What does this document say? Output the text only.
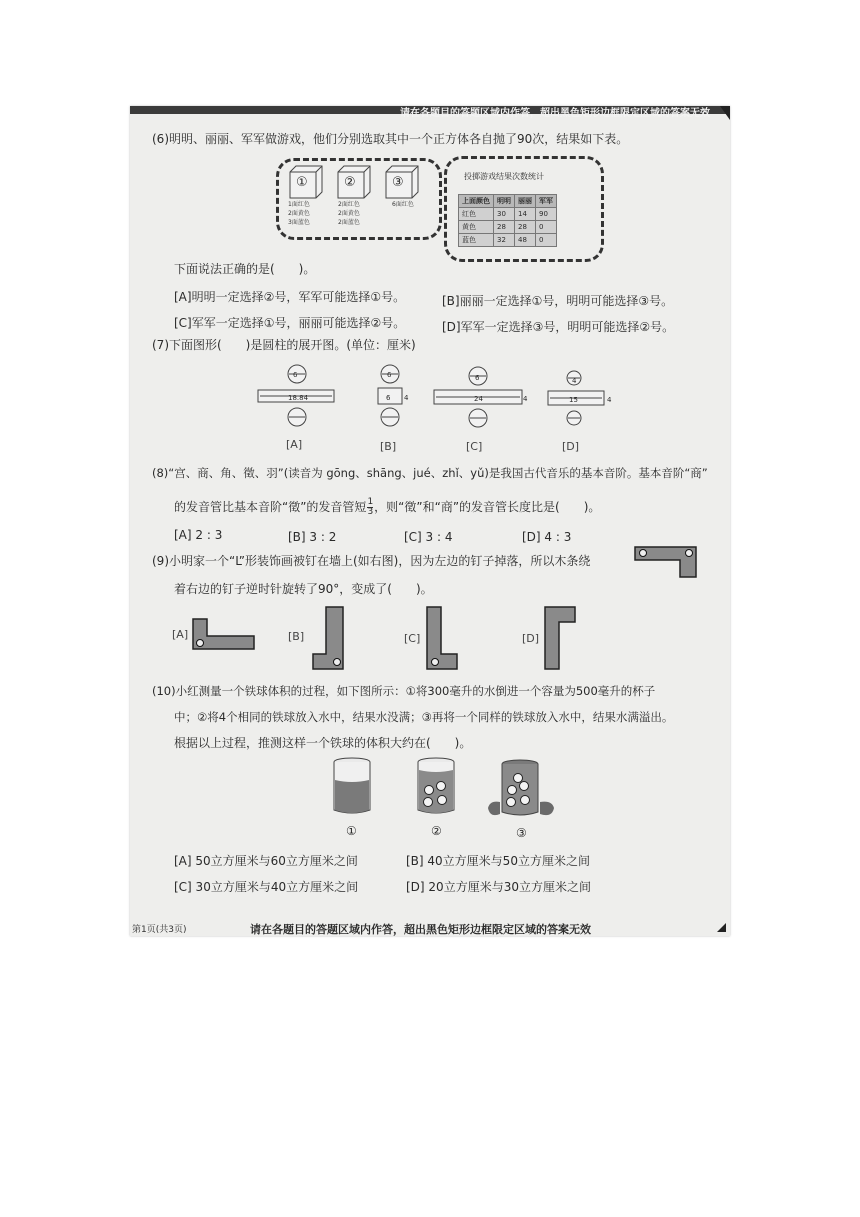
请在各题目的答题区域内作答，超出黑色矩形边框限定区域的答案无效
(6)明明、丽丽、军军做游戏，他们分别选取其中一个正方体各自抛了90次，结果如下表。
①	②	③
1面红色
2面黄色
3面蓝色
2面红色
2面黄色
2面蓝色
6面红色
投掷游戏结果次数统计
上面颜色	明明	丽丽	军军
红色	30	14	90
黄色	28	28	0
蓝色	32	48	0
下面说法正确的是(　　)。
[A]明明一定选择②号，军军可能选择①号。	[B]丽丽一定选择①号，明明可能选择③号。
[C]军军一定选择①号，丽丽可能选择②号。	[D]军军一定选择③号，明明可能选择②号。
(7)下面图形(　　)是圆柱的展开图。(单位：厘米)
6
18.84
6
6 4
6
24	4
4
15	4
[A]	[B]	[C]	[D]
(8)“宫、商、角、徵、羽”(读音为 gōng、shāng、jué、zhǐ、yǔ)是我国古代音乐的基本音阶。基本音阶“商”
的发音管比基本音阶“徵”的发音管短 $\frac{1}{3}$ ，则“徵”和“商”的发音管长度比是(　　)。
[A] 2 : 3	[B] 3 : 2	[C] 3 : 4	[D] 4 : 3
(9)小明家一个“L”形装饰画被钉在墙上(如右图)，因为左边的钉子掉落，所以木条绕
着右边的钉子逆时针旋转了90°，变成了(　　)。
[A]	[B]	[C]	[D]
(10)小红测量一个铁球体积的过程，如下图所示：①将300毫升的水倒进一个容量为500毫升的杯子
中；②将4个相同的铁球放入水中，结果水没满；③再将一个同样的铁球放入水中，结果水满溢出。
根据以上过程，推测这样一个铁球的体积大约在(　　)。
①	②	③
[A] 50立方厘米与60立方厘米之间	[B] 40立方厘米与50立方厘米之间
[C] 30立方厘米与40立方厘米之间	[D] 20立方厘米与30立方厘米之间
第1页(共3页)	请在各题目的答题区域内作答，超出黑色矩形边框限定区域的答案无效
